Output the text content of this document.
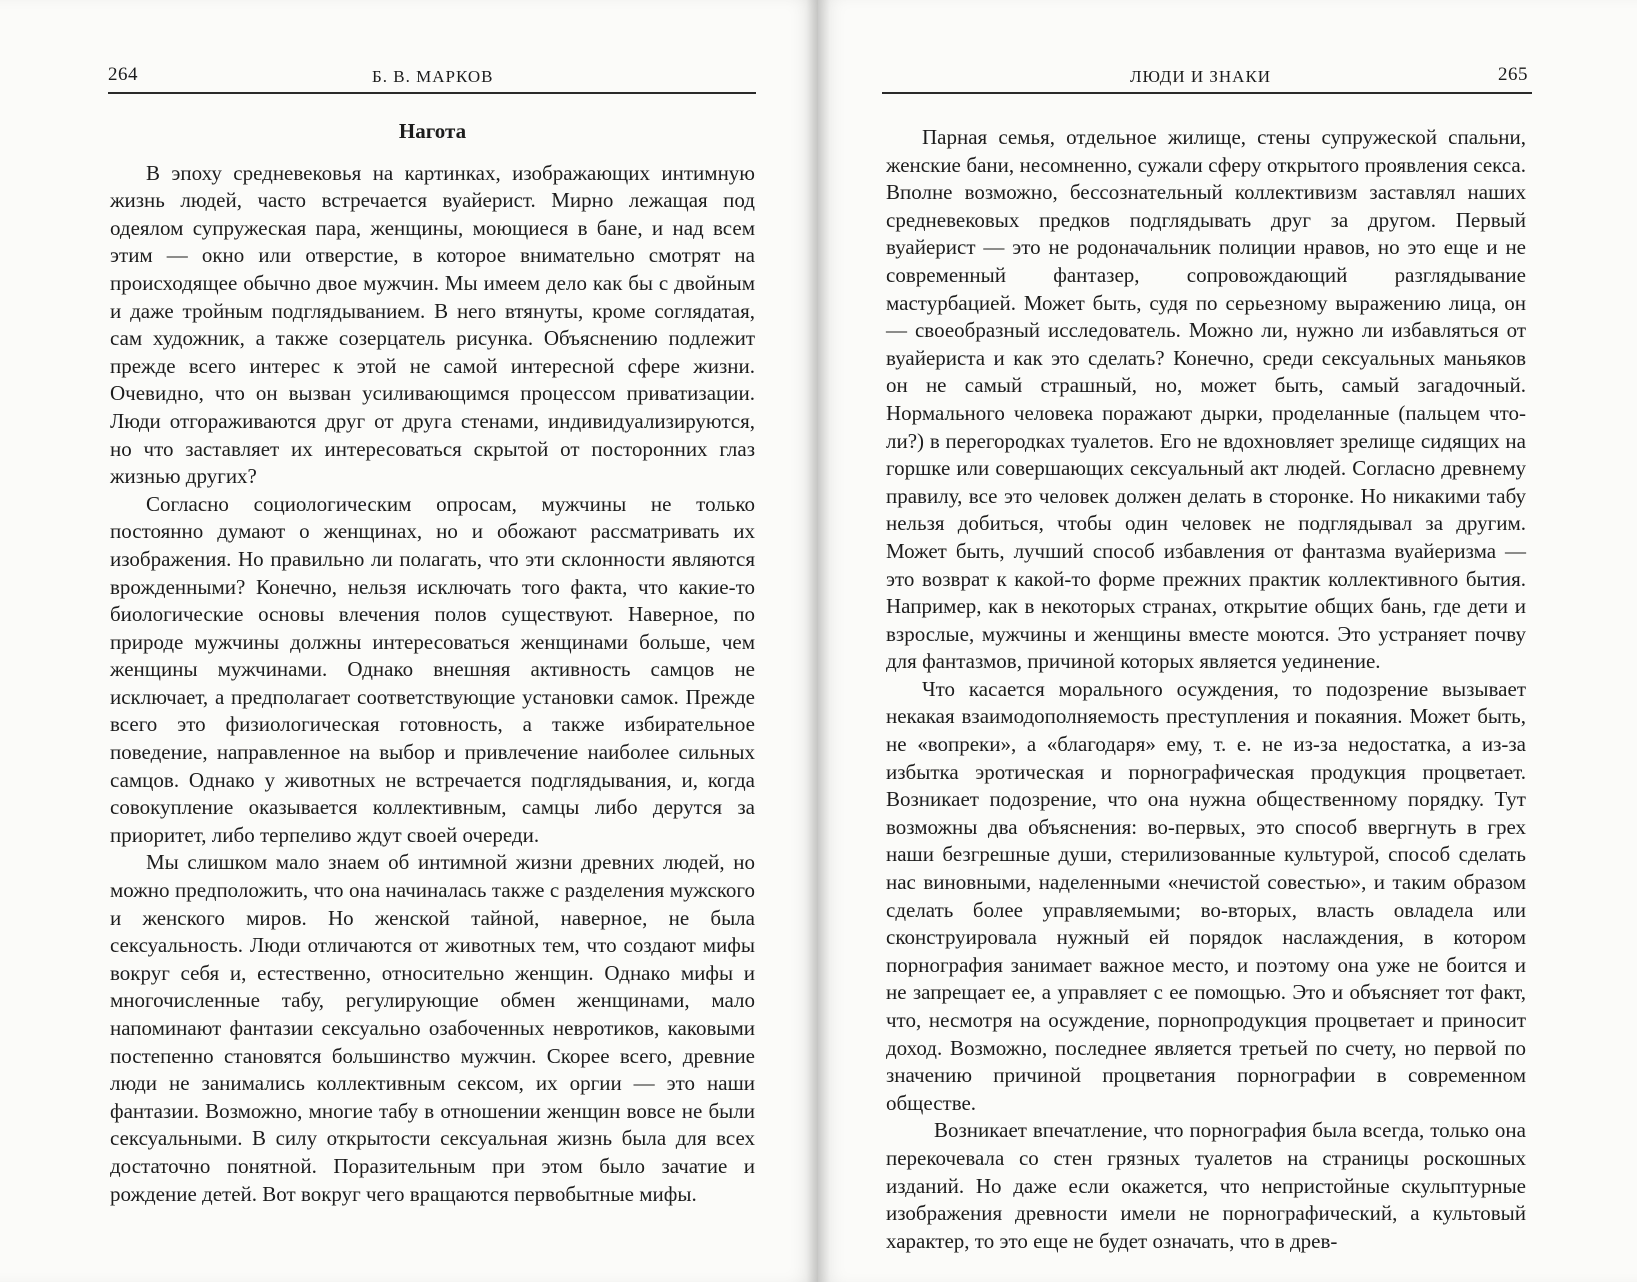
264	Б. В. МАРКОВ
Нагота

В эпоху средневековья на картинках, изображающих интимную жизнь людей, часто встречается вуайерист. Мирно лежащая под одеялом супружеская пара, женщины, моющиеся в бане, и над всем этим — окно или отверстие, в которое внимательно смотрят на происходящее обычно двое мужчин. Мы имеем дело как бы с двойным и даже тройным подглядыванием. В него втянуты, кроме соглядатая, сам художник, а также созерцатель рисунка. Объяснению подлежит прежде всего интерес к этой не самой интересной сфере жизни. Очевидно, что он вызван усиливающимся процессом приватизации. Люди отгораживаются друг от друга стенами, индивидуализируются, но что заставляет их интересоваться скрытой от посторонних глаз жизнью других?

Согласно социологическим опросам, мужчины не только постоянно думают о женщинах, но и обожают рассматривать их изображения. Но правильно ли полагать, что эти склонности являются врожденными? Конечно, нельзя исключать того факта, что какие-то биологические основы влечения полов существуют. Наверное, по природе мужчины должны интересоваться женщинами больше, чем женщины мужчинами. Однако внешняя активность самцов не исключает, а предполагает соответствующие установки самок. Прежде всего это физиологическая готовность, а также избирательное поведение, направленное на выбор и привлечение наиболее сильных самцов. Однако у животных не встречается подглядывания, и, когда совокупление оказывается коллективным, самцы либо дерутся за приоритет, либо терпеливо ждут своей очереди.

Мы слишком мало знаем об интимной жизни древних людей, но можно предположить, что она начиналась также с разделения мужского и женского миров. Но женской тайной, наверное, не была сексуальность. Люди отличаются от животных тем, что создают мифы вокруг себя и, естественно, относительно женщин. Однако мифы и многочисленные табу, регулирующие обмен женщинами, мало напоминают фантазии сексуально озабоченных невротиков, каковыми постепенно становятся большинство мужчин. Скорее всего, древние люди не занимались коллективным сексом, их оргии — это наши фантазии. Возможно, многие табу в отношении женщин вовсе не были сексуальными. В силу открытости сексуальная жизнь была для всех достаточно понятной. Поразительным при этом было зачатие и рождение детей. Вот вокруг чего вращаются первобытные мифы.

ЛЮДИ И ЗНАКИ	265

Парная семья, отдельное жилище, стены супружеской спальни, женские бани, несомненно, сужали сферу открытого проявления секса. Вполне возможно, бессознательный коллективизм заставлял наших средневековых предков подглядывать друг за другом. Первый вуайерист — это не родоначальник полиции нравов, но это еще и не современный фантазер, сопровождающий разглядывание мастурбацией. Может быть, судя по серьезному выражению лица, он — своеобразный исследователь. Можно ли, нужно ли избавляться от вуайериста и как это сделать? Конечно, среди сексуальных маньяков он не самый страшный, но, может быть, самый загадочный. Нормального человека поражают дырки, проделанные (пальцем что-ли?) в перегородках туалетов. Его не вдохновляет зрелище сидящих на горшке или совершающих сексуальный акт людей. Согласно древнему правилу, все это человек должен делать в сторонке. Но никакими табу нельзя добиться, чтобы один человек не подглядывал за другим. Может быть, лучший способ избавления от фантазма вуайеризма — это возврат к какой-то форме прежних практик коллективного бытия. Например, как в некоторых странах, открытие общих бань, где дети и взрослые, мужчины и женщины вместе моются. Это устраняет почву для фантазмов, причиной которых является уединение.

Что касается морального осуждения, то подозрение вызывает некакая взаимодополняемость преступления и покаяния. Может быть, не «вопреки», а «благодаря» ему, т. е. не из-за недостатка, а из-за избытка эротическая и порнографическая продукция процветает. Возникает подозрение, что она нужна общественному порядку. Тут возможны два объяснения: во-первых, это способ ввергнуть в грех наши безгрешные души, стерилизованные культурой, способ сделать нас виновными, наделенными «нечистой совестью», и таким образом сделать более управляемыми; во-вторых, власть овладела или сконструировала нужный ей порядок наслаждения, в котором порнография занимает важное место, и поэтому она уже не боится и не запрещает ее, а управляет с ее помощью. Это и объясняет тот факт, что, несмотря на осуждение, порнопродукция процветает и приносит доход. Возможно, последнее является третьей по счету, но первой по значению причиной процветания порнографии в современном обществе.

Возникает впечатление, что порнография была всегда, только она перекочевала со стен грязных туалетов на страницы роскошных изданий. Но даже если окажется, что непристойные скульптурные изображения древности имели не порнографический, а культовый характер, то это еще не будет означать, что в древ-
